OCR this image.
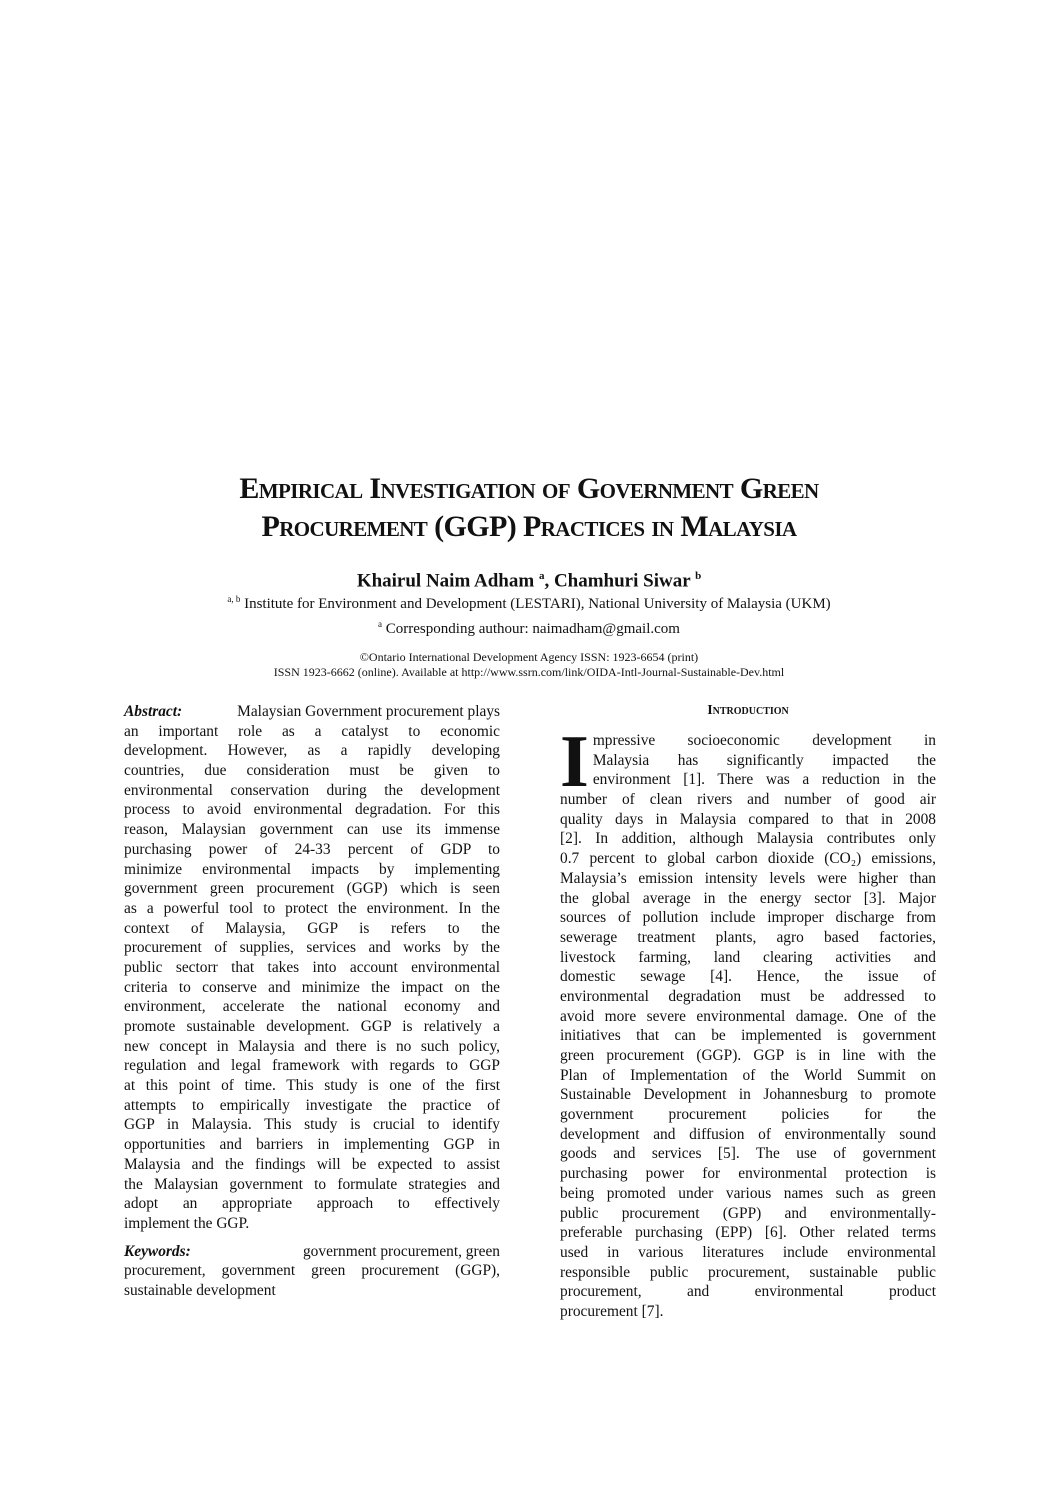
Empirical Investigation of Government Green
Procurement (GGP) Practices in Malaysia
Khairul Naim Adham $^a$, Chamhuri Siwar $^b$
$^{a, b}$ Institute for Environment and Development (LESTARI), National University of Malaysia (UKM)
$^a$ Corresponding authour: naimadham@gmail.com
©Ontario International Development Agency ISSN: 1923-6654 (print)
ISSN 1923-6662 (online). Available at http://www.ssrn.com/link/OIDA-Intl-Journal-Sustainable-Dev.html
Abstract:	Malaysian Government procurement plays
an important role as a catalyst to economic
development. However, as a rapidly developing
countries, due consideration must be given to
environmental conservation during the development
process to avoid environmental degradation. For this
reason, Malaysian government can use its immense
purchasing power of 24-33 percent of GDP to
minimize environmental impacts by implementing
government green procurement (GGP) which is seen
as a powerful tool to protect the environment. In the
context of Malaysia, GGP is refers to the
procurement of supplies, services and works by the
public sectorr that takes into account environmental
criteria to conserve and minimize the impact on the
environment, accelerate the national economy and
promote sustainable development. GGP is relatively a
new concept in Malaysia and there is no such policy,
regulation and legal framework with regards to GGP
at this point of time. This study is one of the first
attempts to empirically investigate the practice of
GGP in Malaysia. This study is crucial to identify
opportunities and barriers in implementing GGP in
Malaysia and the findings will be expected to assist
the Malaysian government to formulate strategies and
adopt an appropriate approach to effectively
implement the GGP.
Keywords:	government procurement, green
procurement, government green procurement (GGP),
sustainable development
Introduction
I mpressive socioeconomic development in
Malaysia has significantly impacted the
environment [1]. There was a reduction in the
number of clean rivers and number of good air
quality days in Malaysia compared to that in 2008
[2]. In addition, although Malaysia contributes only
0.7 percent to global carbon dioxide (CO₂) emissions,
Malaysia’s emission intensity levels were higher than
the global average in the energy sector [3]. Major
sources of pollution include improper discharge from
sewerage treatment plants, agro based factories,
livestock farming, land clearing activities and
domestic sewage [4]. Hence, the issue of
environmental degradation must be addressed to
avoid more severe environmental damage. One of the
initiatives that can be implemented is government
green procurement (GGP). GGP is in line with the
Plan of Implementation of the World Summit on
Sustainable Development in Johannesburg to promote
government procurement policies for the
development and diffusion of environmentally sound
goods and services [5]. The use of government
purchasing power for environmental protection is
being promoted under various names such as green
public procurement (GPP) and environmentally-
preferable purchasing (EPP) [6]. Other related terms
used in various literatures include environmental
responsible public procurement, sustainable public
procurement, and environmental product
procurement [7].
